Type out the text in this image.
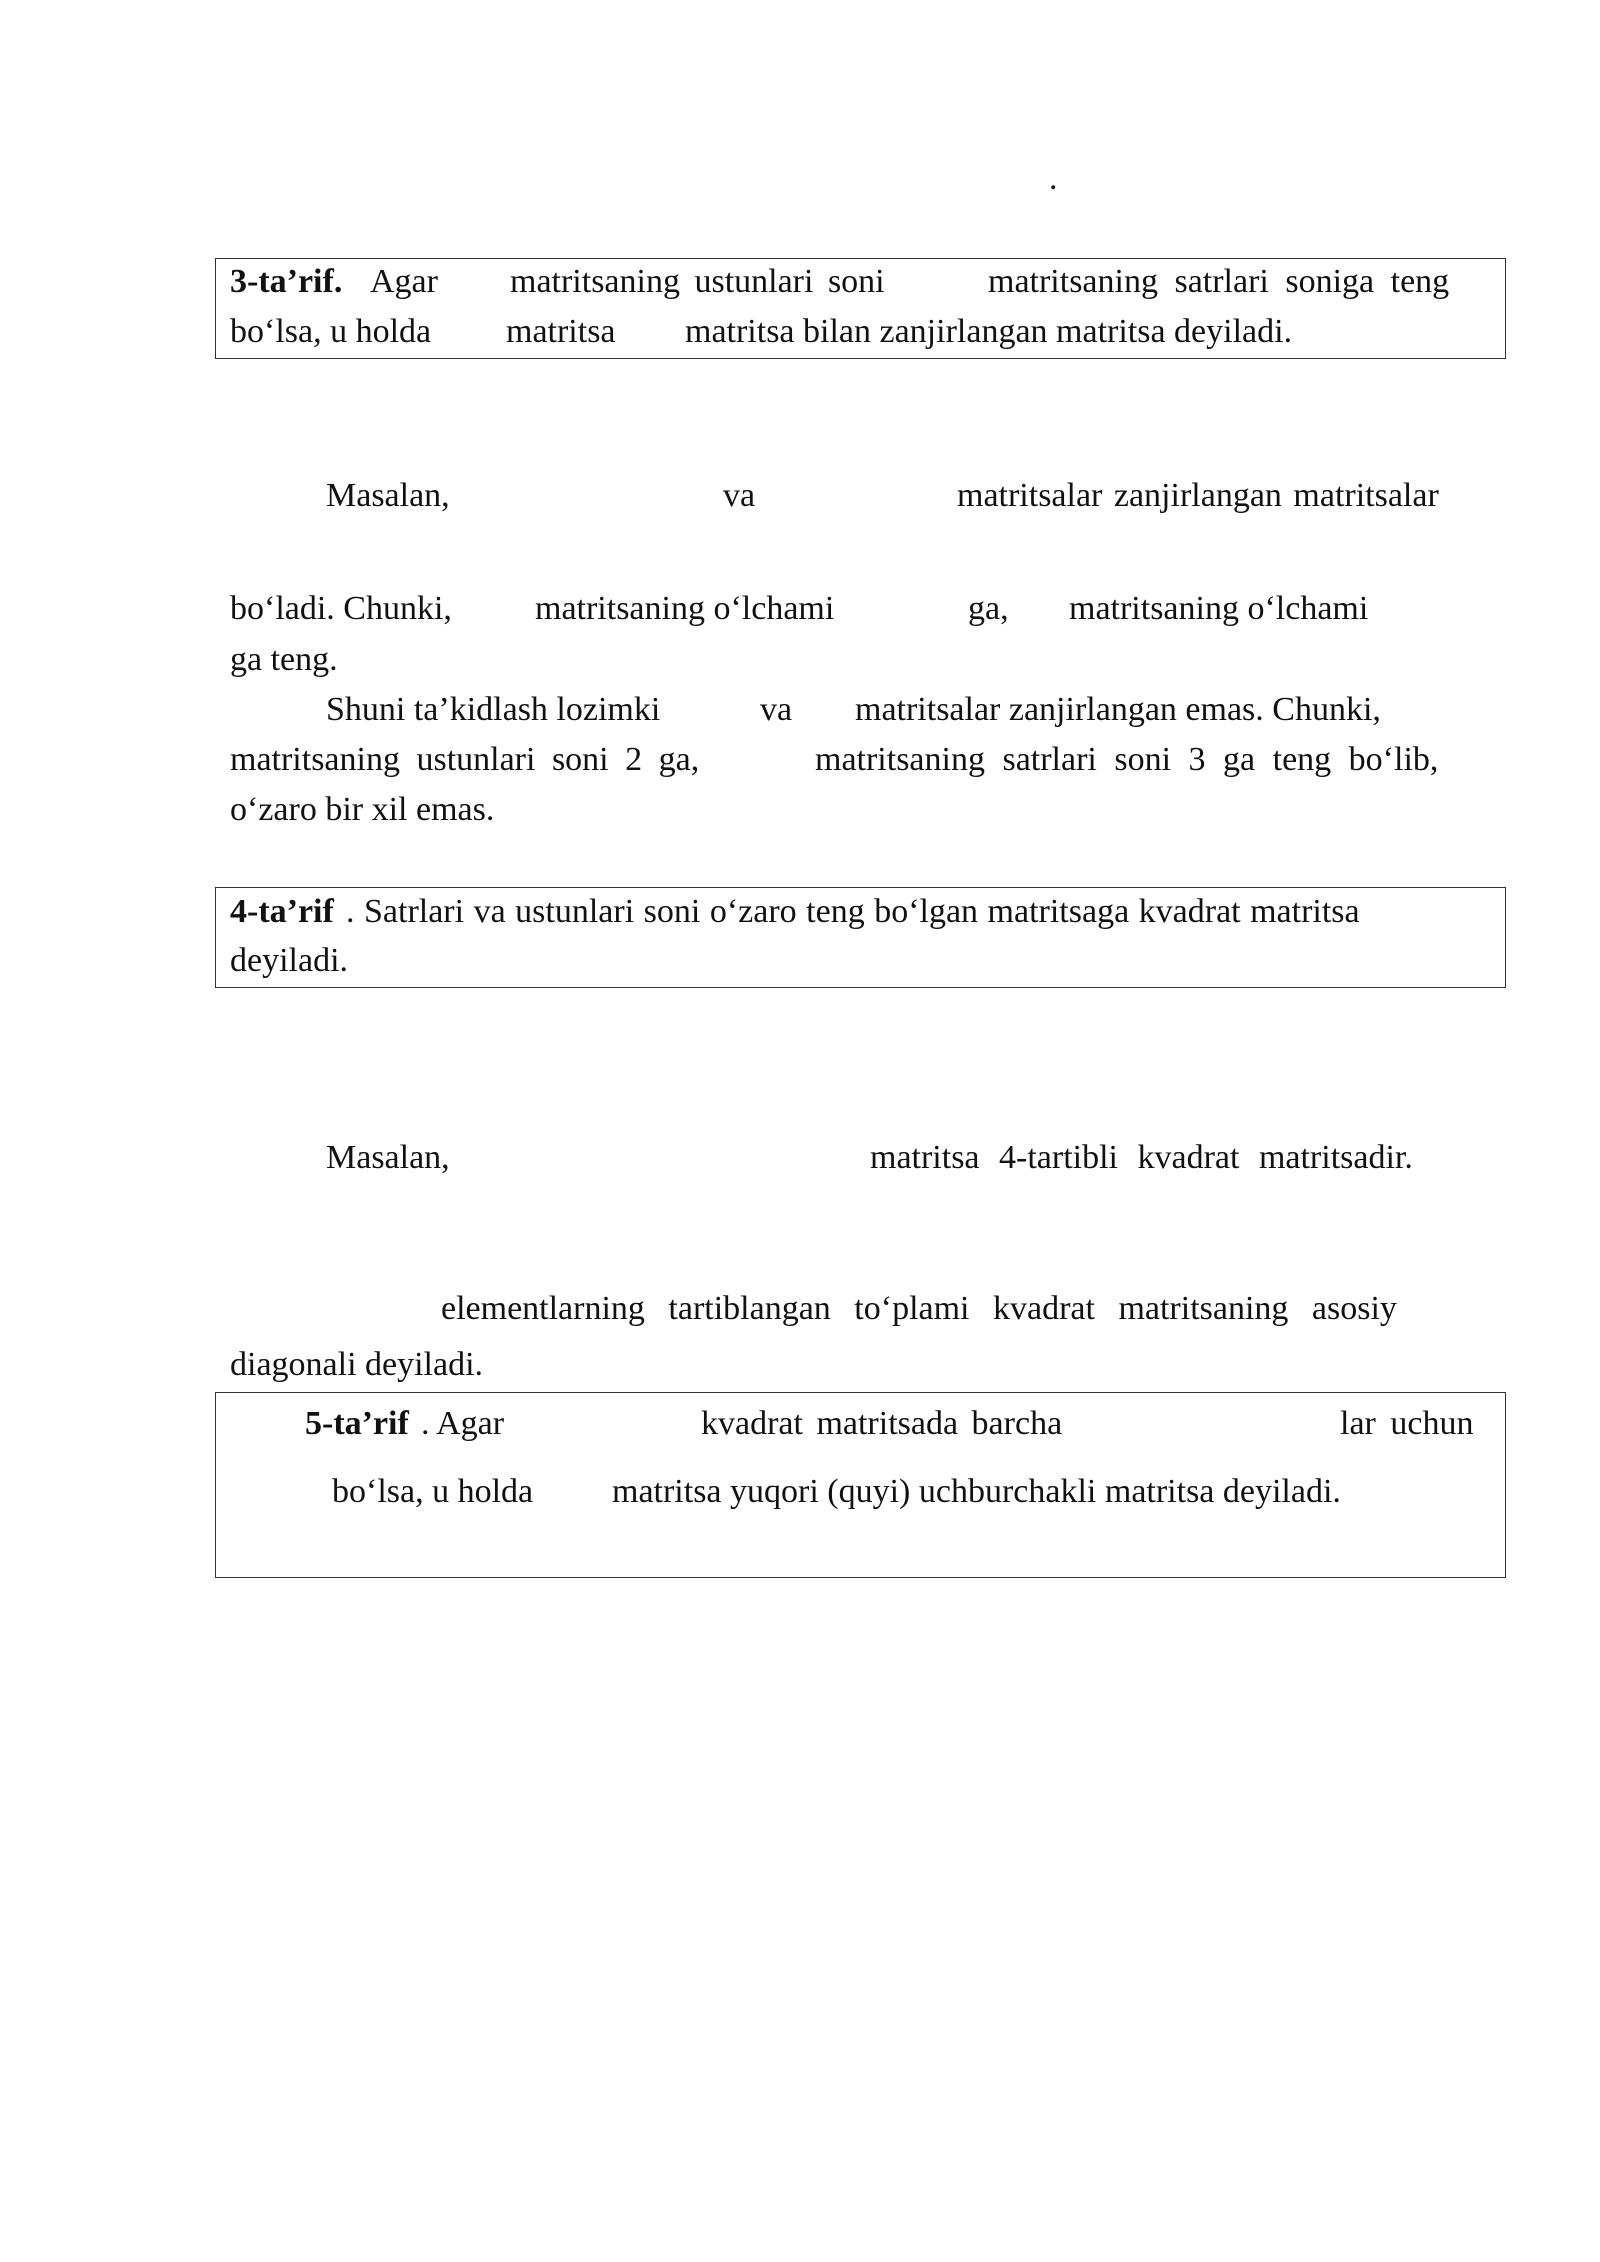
.
3-ta’rif. Agar matritsaning ustunlari soni	matritsaning satrlari soniga teng
bo‘lsa, u holda matritsa matritsa bilan zanjirlangan matritsa deyiladi.
Masalan,	va	matritsalar zanjirlangan matritsalar
bo‘ladi. Chunki, matritsaning o‘lchami	ga, matritsaning o‘lchami
ga teng.
Shuni ta’kidlash lozimki	va matritsalar zanjirlangan emas. Chunki,
matritsaning ustunlari soni 2 ga,	matritsaning satrlari soni 3 ga teng bo‘lib,
o‘zaro bir xil emas.
4-ta’rif . Satrlari va ustunlari soni o‘zaro teng bo‘lgan matritsaga kvadrat matritsa
deyiladi.
Masalan,	matritsa 4-tartibli kvadrat matritsadir.
elementlarning tartiblangan to‘plami kvadrat matritsaning asosiy
diagonali deyiladi.
5-ta’rif . Agar	kvadrat matritsada barcha	lar uchun
bo‘lsa, u holda matritsa yuqori (quyi) uchburchakli matritsa deyiladi.
